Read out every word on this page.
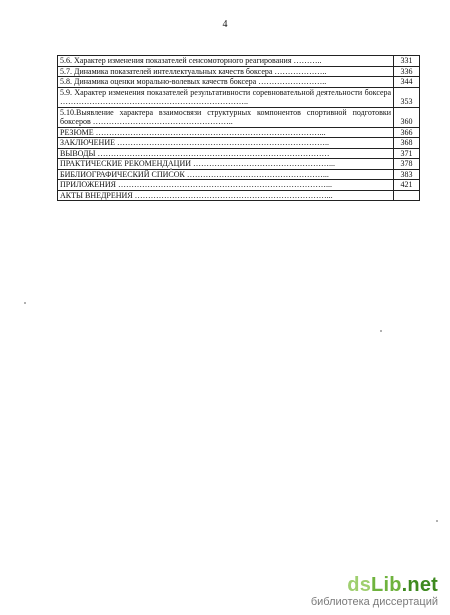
4
5.6. Характер изменения показателей сенсомоторного реагирования ………..	331
5.7. Динамика показателей интеллектуальных качеств боксера ………………..	336
5.8. Динамика оценки морально-волевых качеств боксера ……………………..	344
5.9. Характер изменения показателей результативности соревновательной деятельности боксера ……………………………………………………………..	353
5.10.Выявление характера взаимосвязи структурных компонентов спортивной подготовки боксеров ……………………………………………..	360
РЕЗЮМЕ …………………………………………………………………………...	366
ЗАКЛЮЧЕНИЕ ……………………………………………………………………..	368
ВЫВОДЫ ……………………………………………………………………………	371
ПРАКТИЧЕСКИЕ РЕКОМЕНДАЦИИ ……………………………………………...	378
БИБЛИОГРАФИЧЕСКИЙ СПИСОК ……………………………………………...	383
ПРИЛОЖЕНИЯ ……………………………………………………………………...	421
АКТЫ ВНЕДРЕНИЯ ………………………………………………………………...	
dsLib.net
библиотека диссертаций
